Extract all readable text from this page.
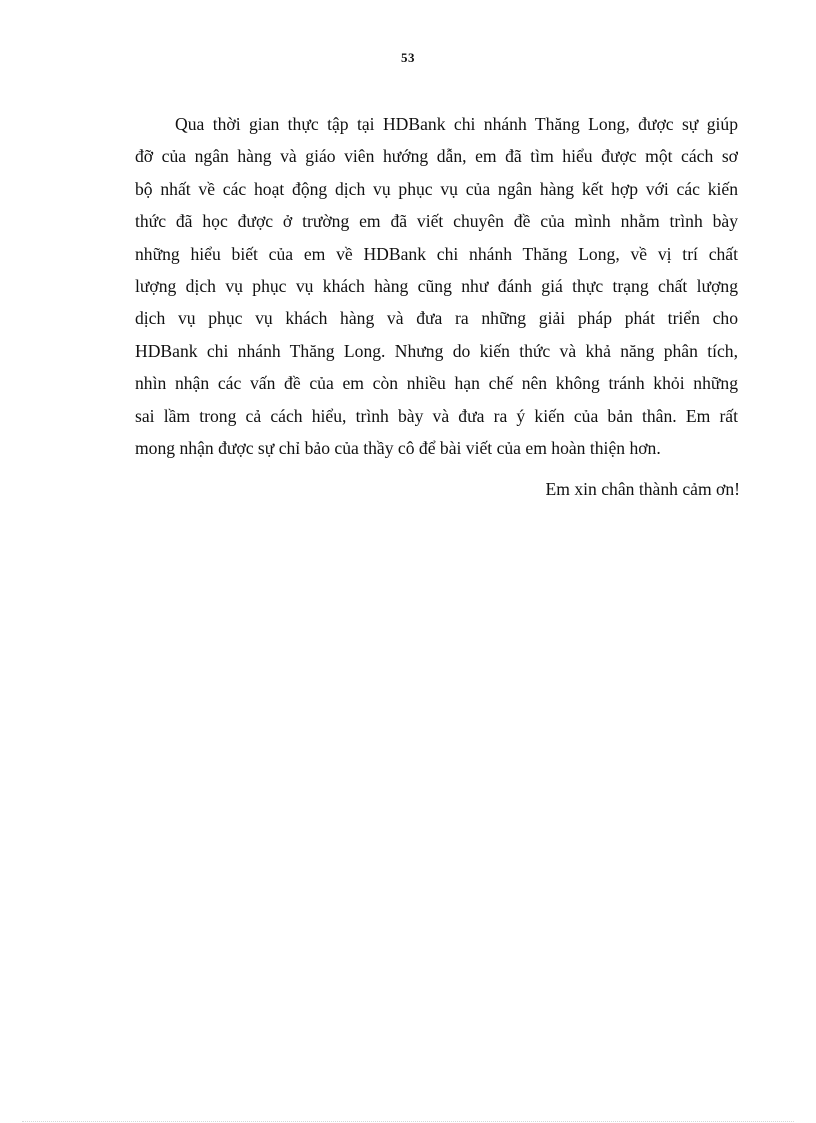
53
Qua thời gian thực tập tại HDBank chi nhánh Thăng Long, được sự giúp
đỡ của ngân hàng và giáo viên hướng dẫn, em đã tìm hiểu được một cách sơ
bộ nhất về các hoạt động dịch vụ phục vụ của ngân hàng kết hợp với các kiến
thức đã học được ở trường em đã viết chuyên đề của mình nhằm trình bày
những hiểu biết của em về HDBank chi nhánh Thăng Long, về vị trí chất
lượng dịch vụ phục vụ khách hàng cũng như đánh giá thực trạng chất lượng
dịch vụ phục vụ khách hàng và đưa ra những giải pháp phát triển cho
HDBank chi nhánh Thăng Long. Nhưng do kiến thức và khả năng phân tích,
nhìn nhận các vấn đề của em còn nhiều hạn chế nên không tránh khỏi những
sai lầm trong cả cách hiểu, trình bày và đưa ra ý kiến của bản thân. Em rất
mong nhận được sự chỉ bảo của thầy cô để bài viết của em hoàn thiện hơn.
Em xin chân thành cảm ơn!
